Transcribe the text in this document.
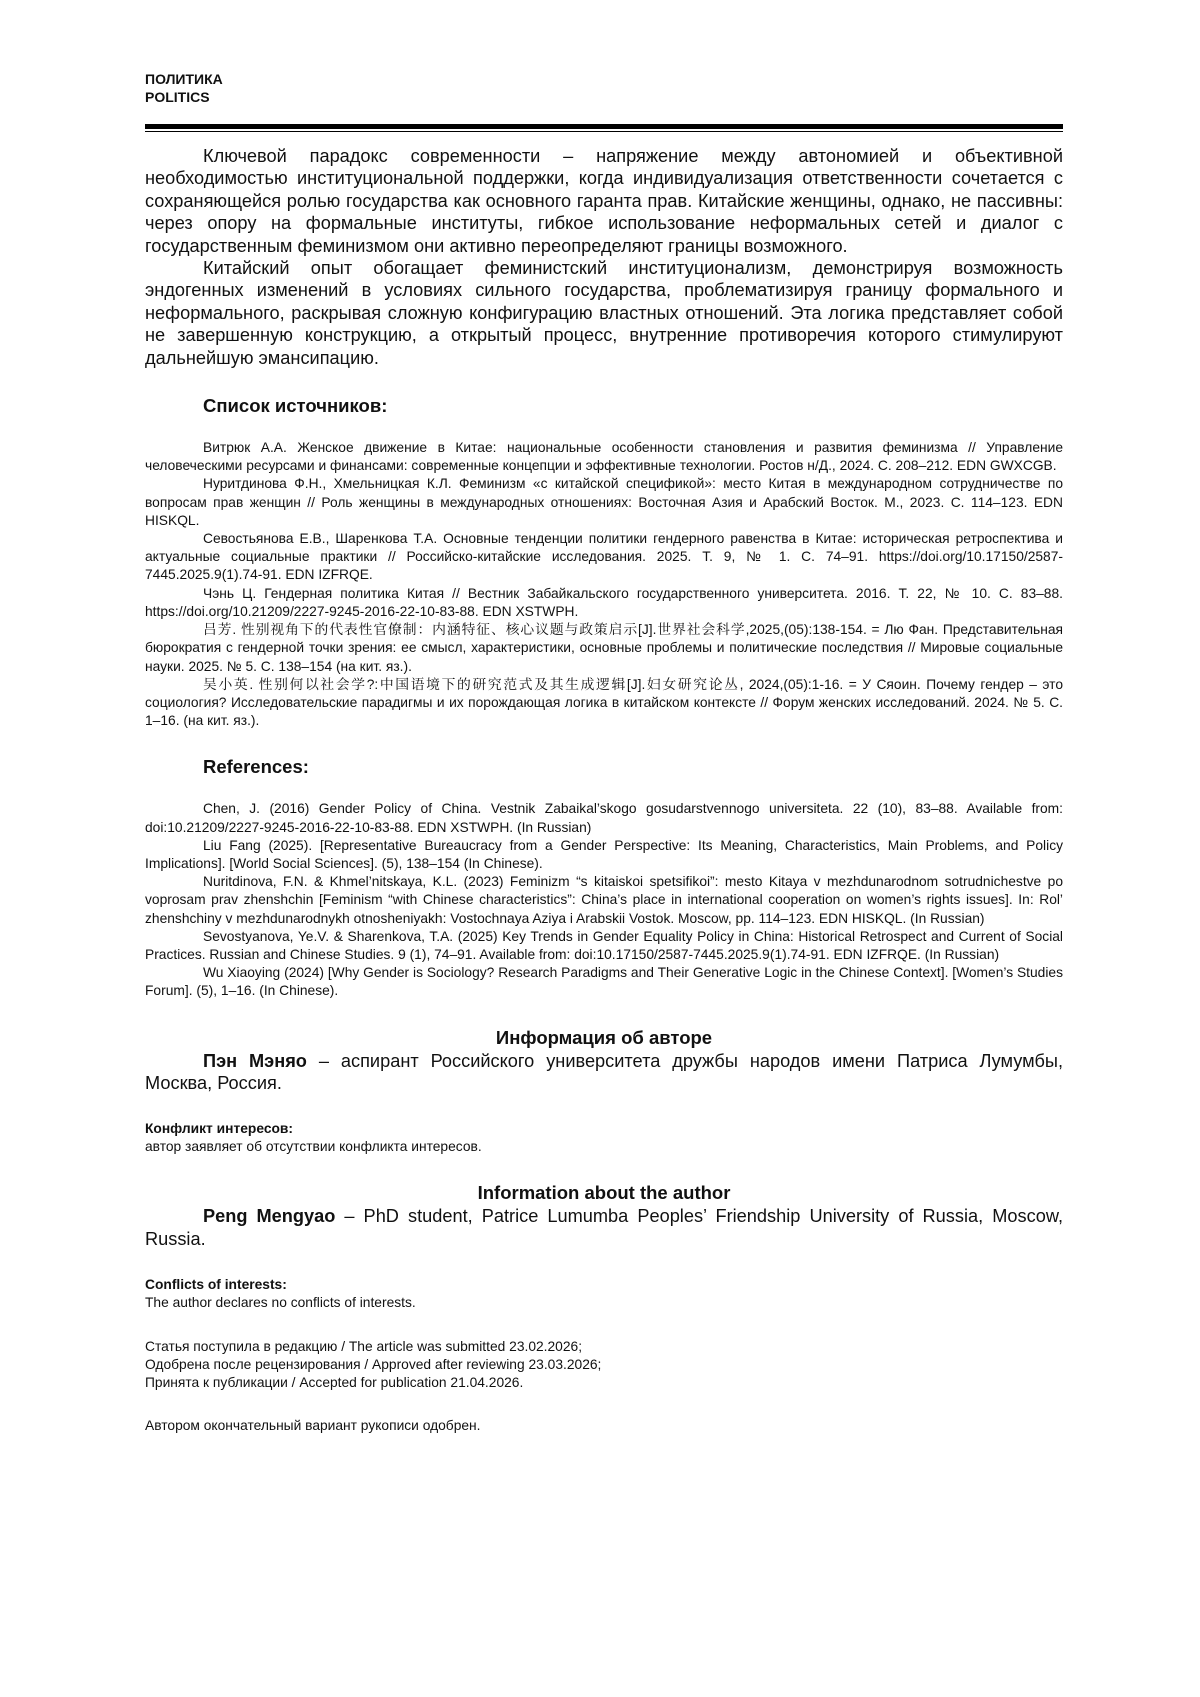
ПОЛИТИКА
POLITICS

Ключевой парадокс современности – напряжение между автономией и объективной необходимостью институциональной поддержки, когда индивидуализация ответственности сочетается с сохраняющейся ролью государства как основного гаранта прав. Китайские женщины, однако, не пассивны: через опору на формальные институты, гибкое использование неформальных сетей и диалог с государственным феминизмом они активно переопределяют границы возможного.

Китайский опыт обогащает феминистский институционализм, демонстрируя возможность эндогенных изменений в условиях сильного государства, проблематизируя границу формального и неформального, раскрывая сложную конфигурацию властных отношений. Эта логика представляет собой не завершенную конструкцию, а открытый процесс, внутренние противоречия которого стимулируют дальнейшую эмансипацию.

Список источников:

Витрюк А.А. Женское движение в Китае: национальные особенности становления и развития феминизма // Управление человеческими ресурсами и финансами: современные концепции и эффективные технологии. Ростов н/Д., 2024. С. 208–212. EDN GWXCGB.

Нуритдинова Ф.Н., Хмельницкая К.Л. Феминизм «с китайской спецификой»: место Китая в международном сотрудничестве по вопросам прав женщин // Роль женщины в международных отношениях: Восточная Азия и Арабский Восток. М., 2023. С. 114–123. EDN HISKQL.

Севостьянова Е.В., Шаренкова Т.А. Основные тенденции политики гендерного равенства в Китае: историческая ретроспектива и актуальные социальные практики // Российско-китайские исследования. 2025. Т. 9, № 1. С. 74–91. https://doi.org/10.17150/2587-7445.2025.9(1).74-91. EDN IZFRQE.

Чэнь Ц. Гендерная политика Китая // Вестник Забайкальского государственного университета. 2016. Т. 22, № 10. С. 83–88. https://doi.org/10.21209/2227-9245-2016-22-10-83-88. EDN XSTWPH.

吕芳. 性别视角下的代表性官僚制：内涵特征、核心议题与政策启示[J].世界社会科学,2025,(05):138-154. = Лю Фан. Представительная бюрократия с гендерной точки зрения: ее смысл, характеристики, основные проблемы и политические последствия // Мировые социальные науки. 2025. № 5. С. 138–154 (на кит. яз.).

吴小英. 性别何以社会学?:中国语境下的研究范式及其生成逻辑[J].妇女研究论丛, 2024,(05):1-16. = У Сяоин. Почему гендер – это социология? Исследовательские парадигмы и их порождающая логика в китайском контексте // Форум женских исследований. 2024. № 5. С. 1–16. (на кит. яз.).

References:

Chen, J. (2016) Gender Policy of China. Vestnik Zabaikal’skogo gosudarstvennogo universiteta. 22 (10), 83–88. Available from: doi:10.21209/2227-9245-2016-22-10-83-88. EDN XSTWPH. (In Russian)

Liu Fang (2025). [Representative Bureaucracy from a Gender Perspective: Its Meaning, Characteristics, Main Problems, and Policy Implications]. [World Social Sciences]. (5), 138–154 (In Chinese).

Nuritdinova, F.N. & Khmel’nitskaya, K.L. (2023) Feminizm “s kitaiskoi spetsifikoi”: mesto Kitaya v mezhdunarodnom sotrudnichestve po voprosam prav zhenshchin [Feminism “with Chinese characteristics”: China’s place in international cooperation on women’s rights issues]. In: Rol’ zhenshchiny v mezhdunarodnykh otnosheniyakh: Vostochnaya Aziya i Arabskii Vostok. Moscow, pp. 114–123. EDN HISKQL. (In Russian)

Sevostyanova, Ye.V. & Sharenkova, T.A. (2025) Key Trends in Gender Equality Policy in China: Historical Retrospect and Current of Social Practices. Russian and Chinese Studies. 9 (1), 74–91. Available from: doi:10.17150/2587-7445.2025.9(1).74-91. EDN IZFRQE. (In Russian)

Wu Xiaoying (2024) [Why Gender is Sociology? Research Paradigms and Their Generative Logic in the Chinese Context]. [Women’s Studies Forum]. (5), 1–16. (In Chinese).

Информация об авторе

Пэн Мэняо – аспирант Российского университета дружбы народов имени Патриса Лумумбы, Москва, Россия.

Конфликт интересов:
автор заявляет об отсутствии конфликта интересов.
Information about the author

Peng Mengyao – PhD student, Patrice Lumumba Peoples’ Friendship University of Russia, Moscow, Russia.

Conflicts of interests:
The author declares no conflicts of interests.
Статья поступила в редакцию / The article was submitted 23.02.2026;
Одобрена после рецензирования / Approved after reviewing 23.03.2026;
Принята к публикации / Accepted for publication 21.04.2026.
Автором окончательный вариант рукописи одобрен.
